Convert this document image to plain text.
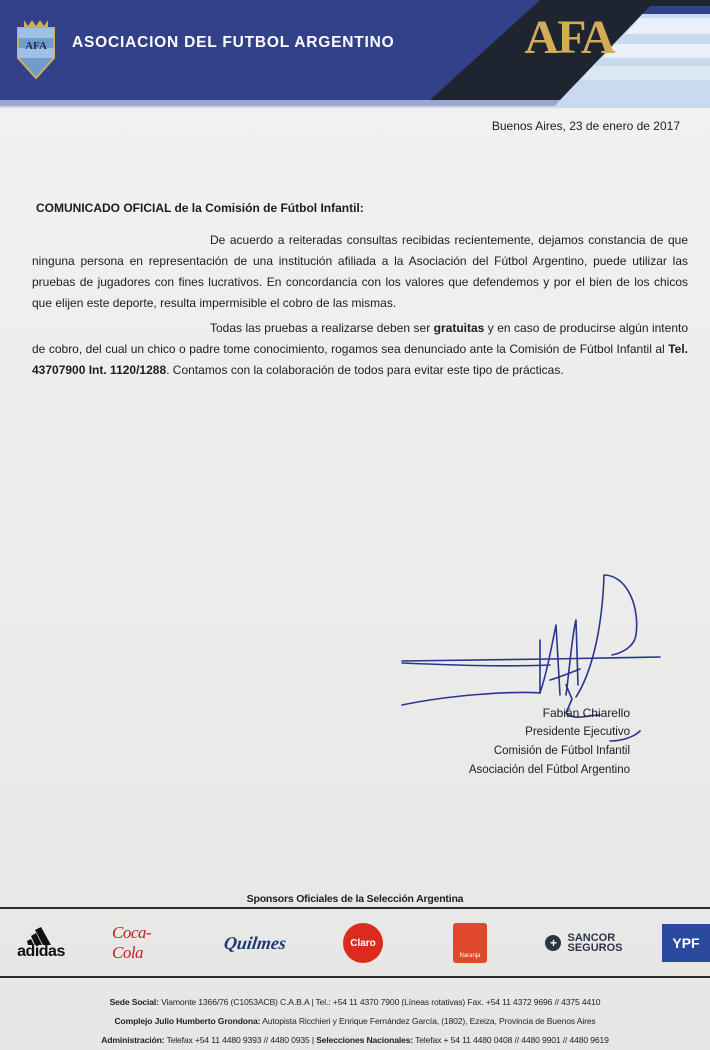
AFA ASOCIACION DEL FUTBOL ARGENTINO	AFA
Buenos Aires, 23 de enero de 2017
COMUNICADO OFICIAL de la Comisión de Fútbol Infantil:
De acuerdo a reiteradas consultas recibidas recientemente, dejamos constancia de que ninguna persona en representación de una institución afiliada a la Asociación del Fútbol Argentino, puede utilizar las pruebas de jugadores con fines lucrativos. En concordancia con los valores que defendemos y por el bien de los chicos que elijen este deporte, resulta impermisible el cobro de las mismas.
Todas las pruebas a realizarse deben ser gratuitas y en caso de producirse algún intento de cobro, del cual un chico o padre tome conocimiento, rogamos sea denunciado ante la Comisión de Fútbol Infantil al Tel. 43707900 Int. 1120/1288. Contamos con la colaboración de todos para evitar este tipo de prácticas.
Fabián Chiarello
Presidente Ejecutivo
Comisión de Fútbol Infantil
Asociación del Fútbol Argentino
Sponsors Oficiales de la Selección Argentina
adidas
Coca-Cola	Quilmes	Claro
Naranja
+ SANCOR
SEGUROS	YPF
Sede Social: Viamonte 1366/76 (C1053ACB) C.A.B.A | Tel.: +54 11 4370 7900 (Líneas rotativas) Fax. +54 11 4372 9696 // 4375 4410
Complejo Julio Humberto Grondona: Autopista Ricchieri y Enrique Fernández García, (1802), Ezeiza, Provincia de Buenos Aires
Administración: Telefax +54 11 4480 9393 // 4480 0935 | Selecciones Nacionales: Telefax + 54 11 4480 0408 // 4480 9901 // 4480 9619
